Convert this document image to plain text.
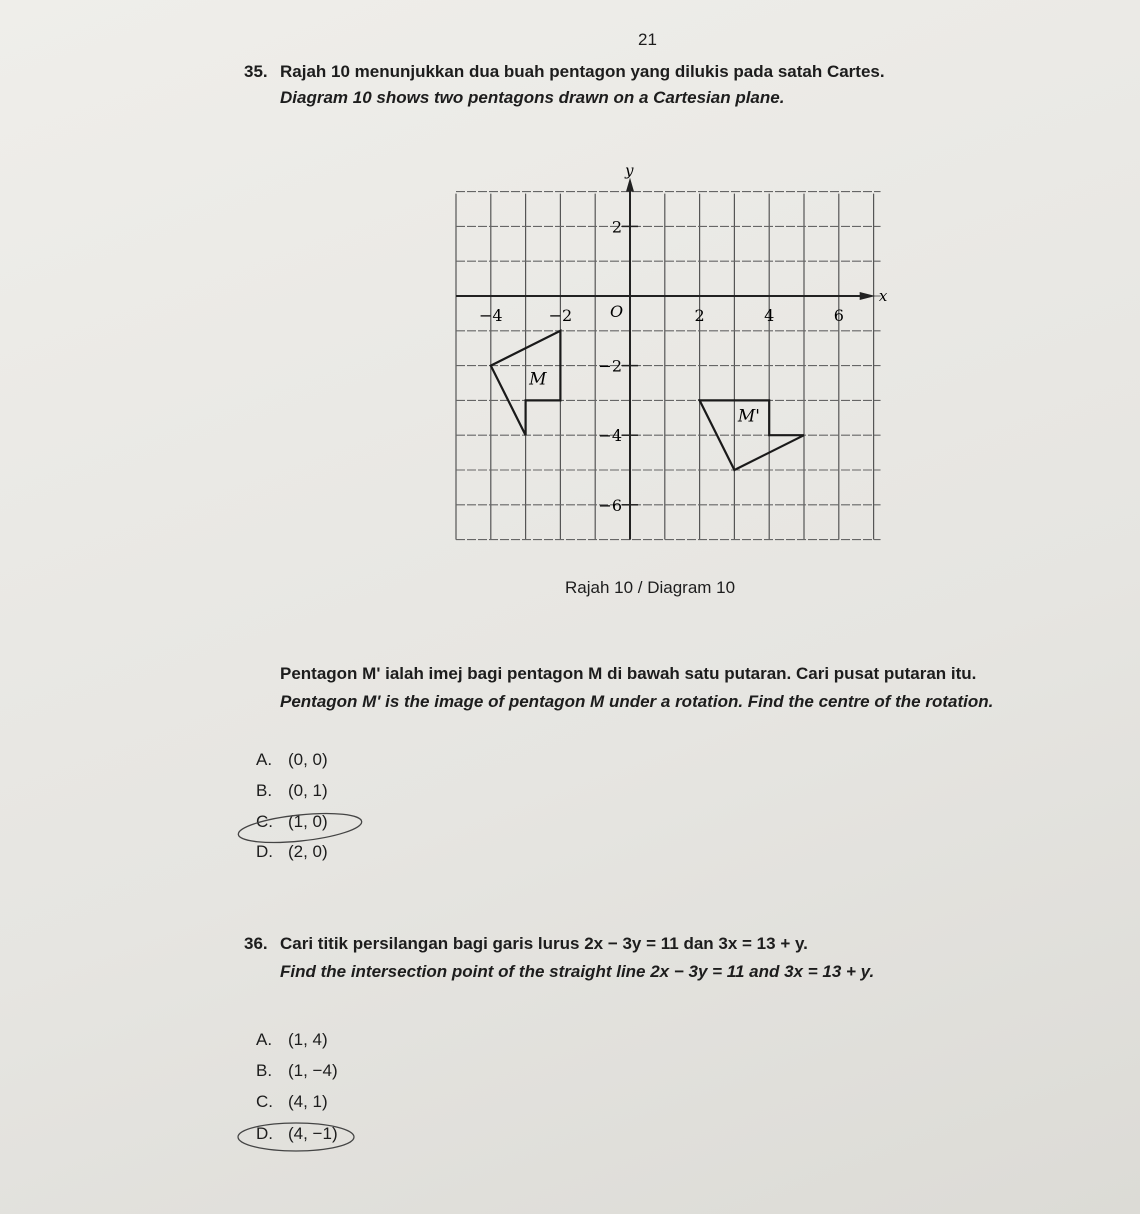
21
35. Rajah 10 menunjukkan dua buah pentagon yang dilukis pada satah Cartes.
Diagram 10 shows two pentagons drawn on a Cartesian plane.
x
y
O
−4	−2	2	4	6
2
−2
−4
−6
M
M'
Rajah 10 / Diagram 10
Pentagon M' ialah imej bagi pentagon M di bawah satu putaran. Cari pusat putaran itu.
Pentagon M' is the image of pentagon M under a rotation. Find the centre of the rotation.
A. (0, 0)
B. (0, 1)
C. (1, 0)
D. (2, 0)
36. Cari titik persilangan bagi garis lurus 2x − 3y = 11 dan 3x = 13 + y.
Find the intersection point of the straight line 2x − 3y = 11 and 3x = 13 + y.
A. (1, 4)
B. (1, −4)
C. (4, 1)
D. (4, −1)
